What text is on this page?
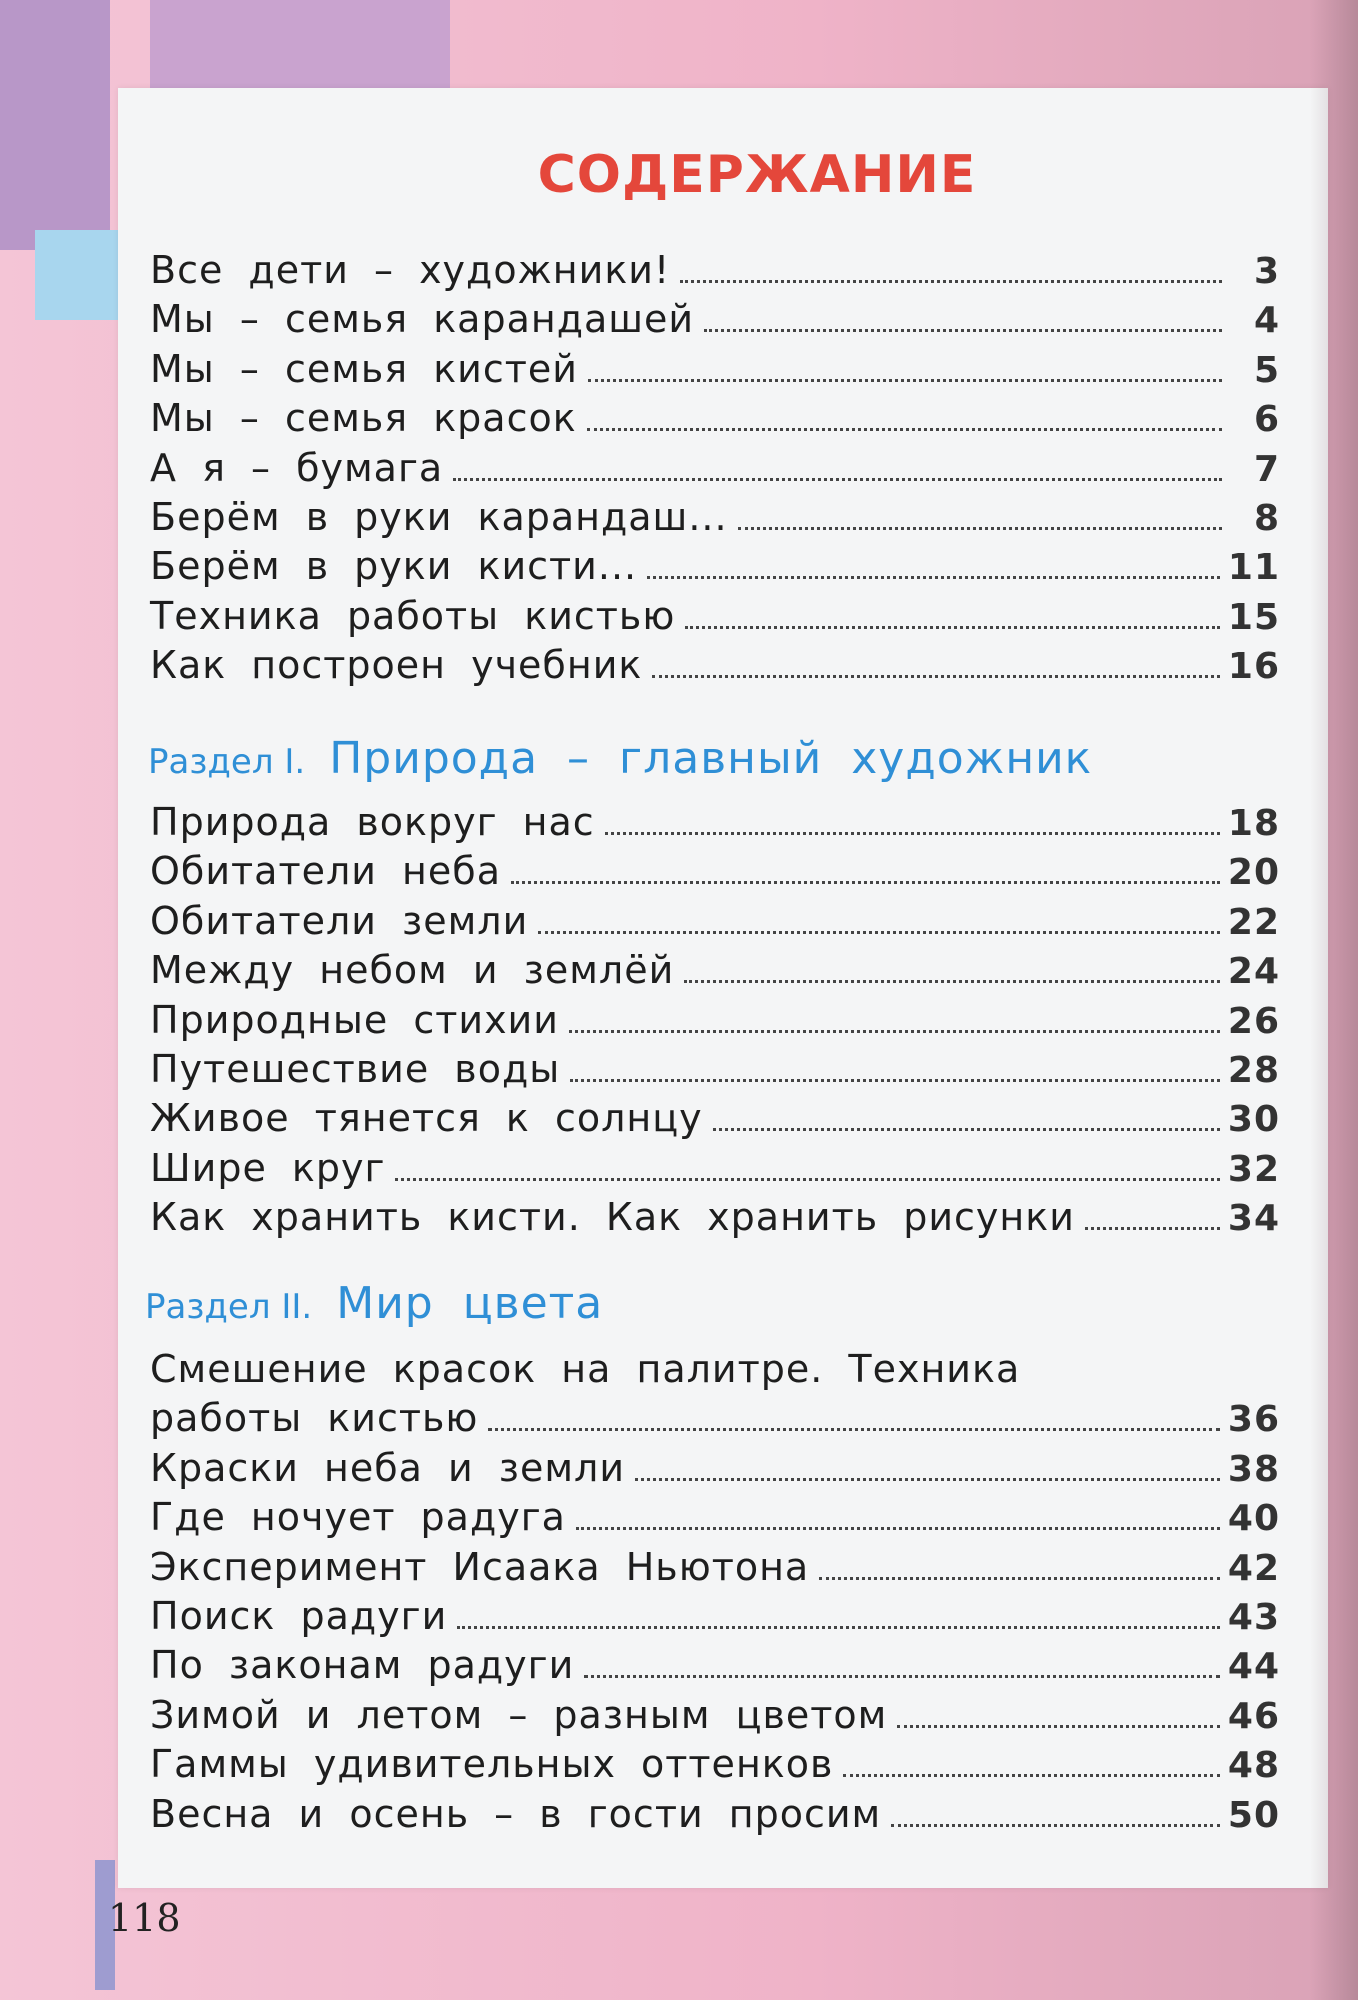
СОДЕРЖАНИЕ
Все дети – художники!	3
Мы – семья карандашей	4
Мы – семья кистей	5
Мы – семья красок	6
А я – бумага	7
Берём в руки карандаш...	8
Берём в руки кисти...	11
Техника работы кистью	15
Как построен учебник	16
Раздел I. Природа – главный художник
Природа вокруг нас	18
Обитатели неба	20
Обитатели земли	22
Между небом и землёй	24
Природные стихии	26
Путешествие воды	28
Живое тянется к солнцу	30
Шире круг	32
Как хранить кисти. Как хранить рисунки	34
Раздел II. Мир цвета
Смешение красок на палитре. Техника
работы кистью	36
Краски неба и земли	38
Где ночует радуга	40
Эксперимент Исаака Ньютона	42
Поиск радуги	43
По законам радуги	44
Зимой и летом – разным цветом	46
Гаммы удивительных оттенков	48
Весна и осень – в гости просим	50
118
